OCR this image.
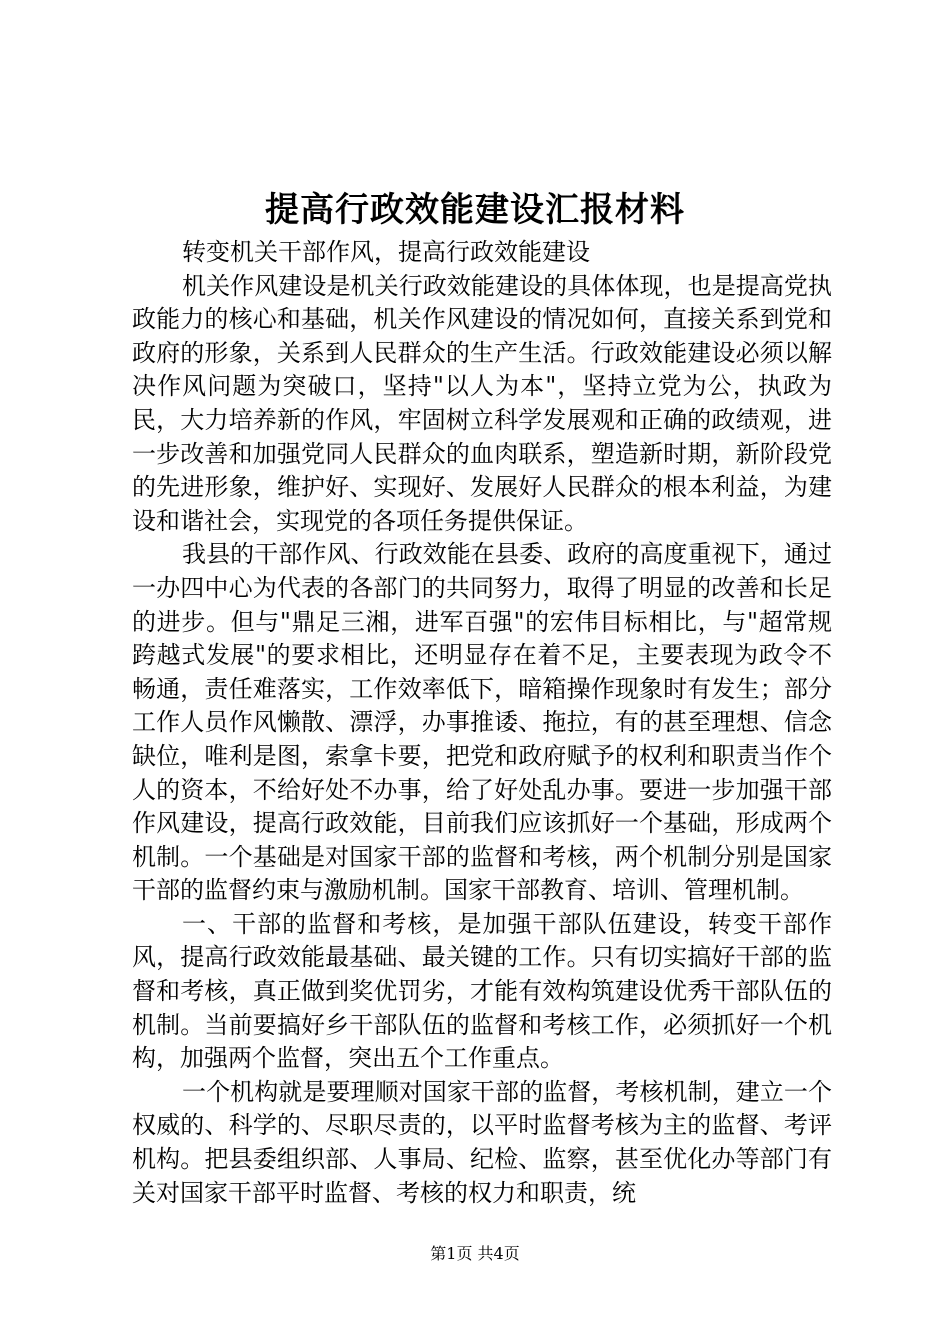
提高行政效能建设汇报材料

转变机关干部作风，提高行政效能建设

机关作风建设是机关行政效能建设的具体体现，也是提高党执政能力的核心和基础，机关作风建设的情况如何，直接关系到党和政府的形象，关系到人民群众的生产生活。行政效能建设必须以解决作风问题为突破口，坚持"以人为本"，坚持立党为公，执政为民，大力培养新的作风，牢固树立科学发展观和正确的政绩观，进一步改善和加强党同人民群众的血肉联系，塑造新时期，新阶段党的先进形象，维护好、实现好、发展好人民群众的根本利益，为建设和谐社会，实现党的各项任务提供保证。

我县的干部作风、行政效能在县委、政府的高度重视下，通过一办四中心为代表的各部门的共同努力，取得了明显的改善和长足的进步。但与"鼎足三湘，进军百强"的宏伟目标相比，与"超常规跨越式发展"的要求相比，还明显存在着不足，主要表现为政令不畅通，责任难落实，工作效率低下，暗箱操作现象时有发生；部分工作人员作风懒散、漂浮，办事推诿、拖拉，有的甚至理想、信念缺位，唯利是图，索拿卡要，把党和政府赋予的权利和职责当作个人的资本，不给好处不办事，给了好处乱办事。要进一步加强干部作风建设，提高行政效能，目前我们应该抓好一个基础，形成两个机制。一个基础是对国家干部的监督和考核，两个机制分别是国家干部的监督约束与激励机制。国家干部教育、培训、管理机制。

一、干部的监督和考核，是加强干部队伍建设，转变干部作风，提高行政效能最基础、最关键的工作。只有切实搞好干部的监督和考核，真正做到奖优罚劣，才能有效构筑建设优秀干部队伍的机制。当前要搞好乡干部队伍的监督和考核工作，必须抓好一个机构，加强两个监督，突出五个工作重点。

一个机构就是要理顺对国家干部的监督，考核机制，建立一个权威的、科学的、尽职尽责的，以平时监督考核为主的监督、考评机构。把县委组织部、人事局、纪检、监察，甚至优化办等部门有关对国家干部平时监督、考核的权力和职责，统

第1页 共4页
